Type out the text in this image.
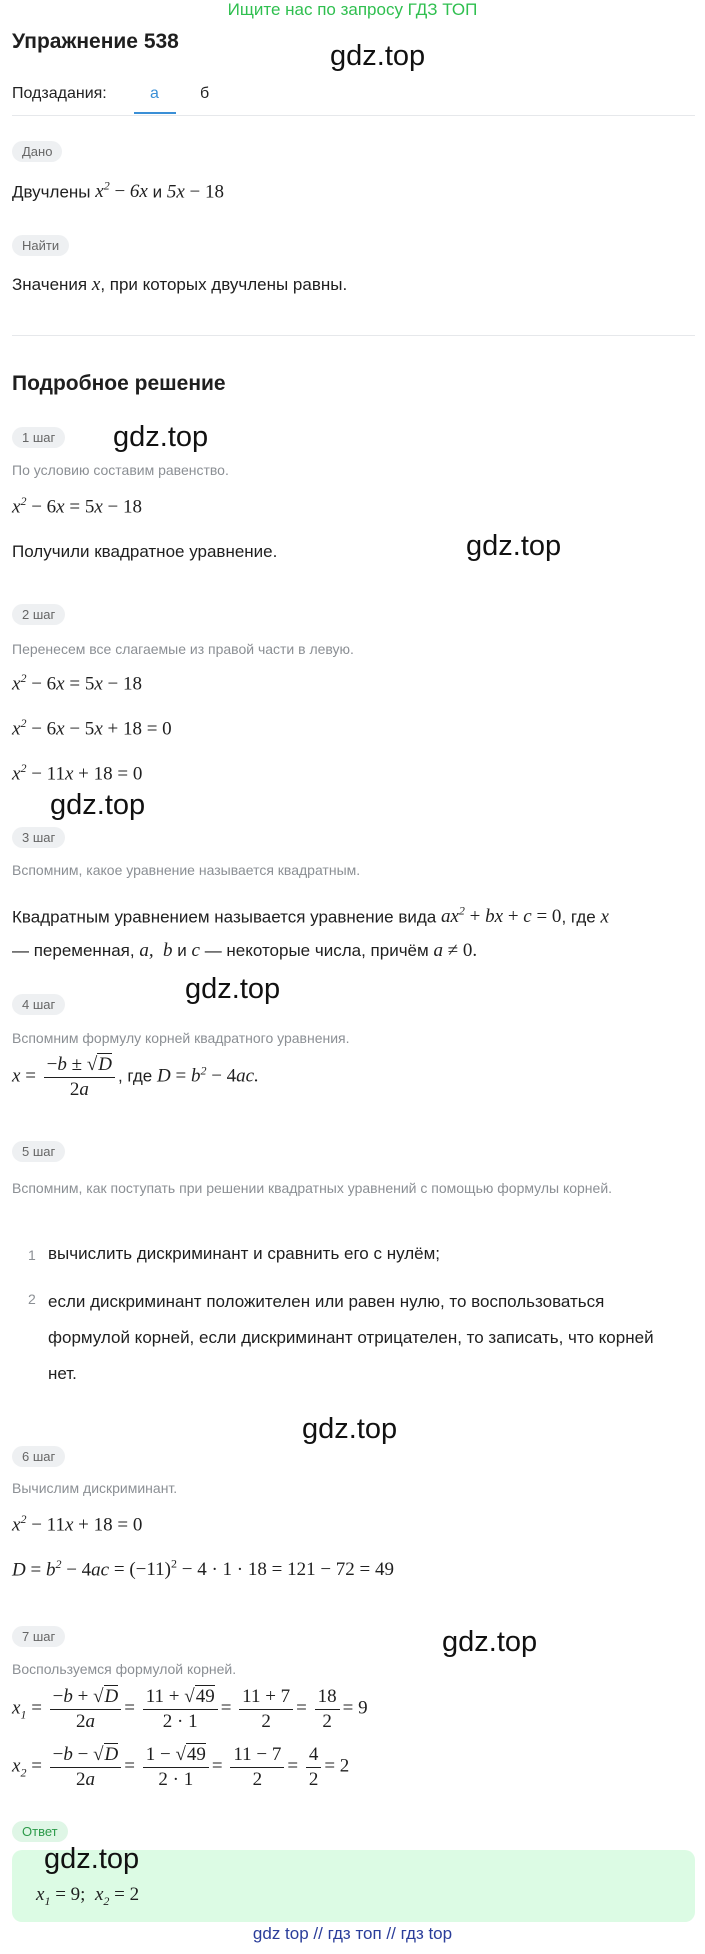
Ищите нас по запросу ГДЗ ТОП
Упражнение 538	gdz.top
gdz.top
gdz.top
gdz.top
gdz.top
gdz.top
gdz.top
Подзадания:	а	б
Дано
Двучлены $x^2 - 6x$ и 5x − 18
Найти
Значения x, при которых двучлены равны.
Подробное решение
1 шаг
По условию составим равенство.
$x^2 - 6x = 5x - 18$
Получили квадратное уравнение.
2 шаг
Перенесем все слагаемые из правой части в левую.
$x^2 - 6x = 5x - 18$
$x^2 - 6x - 5x + 18 = 0$
$x^2 - 11x + 18 = 0$
3 шаг
Вспомним, какое уравнение называется квадратным.
Квадратным уравнением называется уравнение вида $ax^2$ + bx + c = 0, где x
— переменная, a, b и c — некоторые числа, причём a ≠ 0.
4 шаг
Вспомним формулу корней квадратного уравнения.
$x = \frac{-b \pm √D}{2a}$ , где $D = b^2 - 4ac$.
5 шаг
Вспомним, как поступать при решении квадратных уравнений с помощью формулы корней.
1 вычислить дискриминант и сравнить его с нулём;
2 если дискриминант положителен или равен нулю, то воспользоваться формулой корней, если дискриминант отрицателен, то записать, что корней нет.
6 шаг
Вычислим дискриминант.
$x^2 - 11x + 18 = 0$
$D = b^2 - 4ac = (-11)^2 - 4 \cdot 1 \cdot 18 = 121 - 72 = 49$
7 шаг
Воспользуемся формулой корней.
$x_1 = \frac{-b + √D}{2a} = \frac{11 + √49}{2 \cdot 1} = \frac{11 + 7}{2} = \frac{18}{2} = 9$
$x_2 = \frac{-b - √D}{2a} = \frac{1 - √49}{2 \cdot 1} = \frac{11 - 7}{2} = \frac{4}{2} = 2$
Ответ
gdz.top
$x_1 = 9$;  $x_2 = 2$
gdz top // гдз топ // гдз top
